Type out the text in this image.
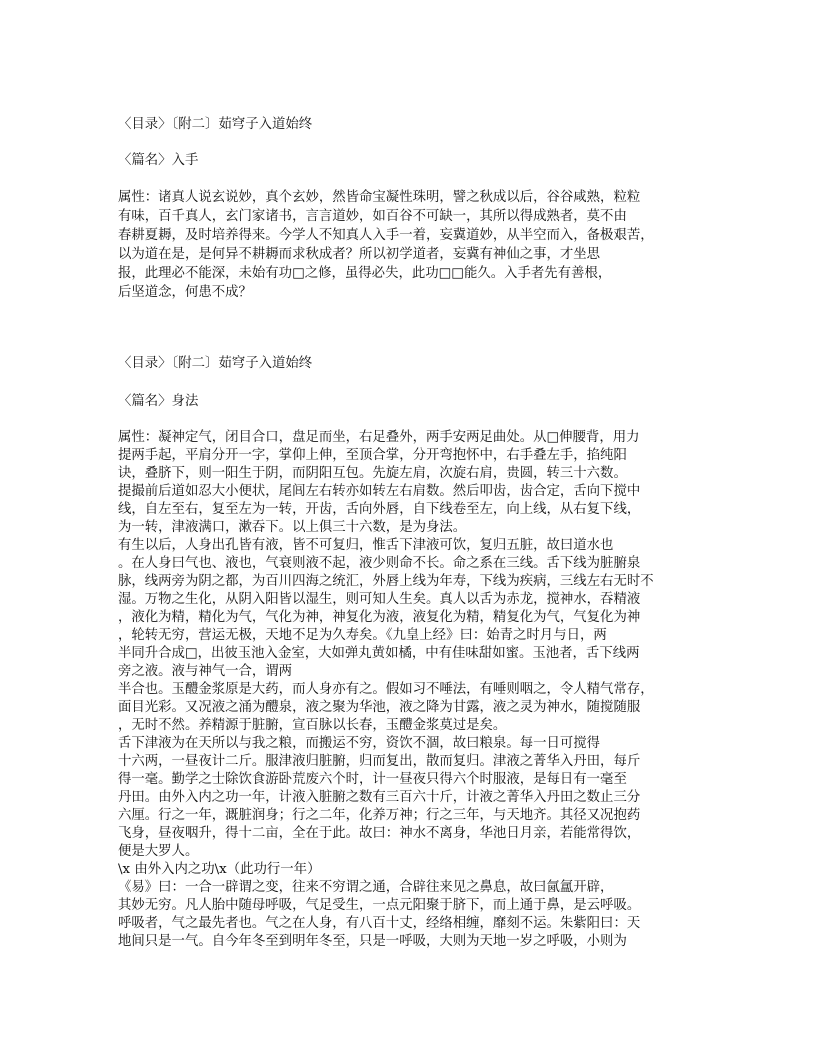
〈目录〉〔附二〕茹穹子入道始终
〈篇名〉入手
属性：诸真人说玄说妙，真个玄妙，然皆命宝凝性珠明，譬之秋成以后，谷谷咸熟，粒粒
有味，百千真人，玄门家诸书，言言道妙，如百谷不可缺一，其所以得成熟者，莫不由
春耕夏耨，及时培养得来。今学人不知真人入手一着，妄冀道妙，从半空而入，备极艰苦，
以为道在是，是何异不耕耨而求秋成者？所以初学道者，妄冀有神仙之事，才坐思
报，此理必不能深，未始有功□之修，虽得必失，此功□□能久。入手者先有善根，
后坚道念，何患不成？
〈目录〉〔附二〕茹穹子入道始终
〈篇名〉身法
属性：凝神定气，闭目合口，盘足而坐，右足叠外，两手安两足曲处。从□伸腰背，用力
提两手起，平肩分开一字，掌仰上伸，至顶合掌，分开弯抱怀中，右手叠左手，掐纯阳
诀，叠脐下，则一阳生于阴，而阴阳互包。先旋左肩，次旋右肩，贵圆，转三十六数。
提撮前后道如忍大小便状，尾闾左右转亦如转左右肩数。然后叩齿，齿合定，舌向下搅中
线，自左至右，复至左为一转，开齿，舌向外唇，自下线卷至左，向上线，从右复下线，
为一转，津液满口，漱吞下。以上俱三十六数，是为身法。
有生以后，人身出孔皆有液，皆不可复归，惟舌下津液可饮，复归五脏，故曰道水也
。在人身曰气也、液也，气衰则液不起，液少则命不长。命之系在三线。舌下线为脏腑泉
脉，线两旁为阴之都，为百川四海之统汇，外唇上线为年寿，下线为疾病，三线左右无时不
湿。万物之生化，从阴入阳皆以湿生，则可知人生矣。真人以舌为赤龙，搅神水，吞精液
，液化为精，精化为气，气化为神，神复化为液，液复化为精，精复化为气，气复化为神
，轮转无穷，营运无极，天地不足为久寿矣。《九皇上经》曰：始青之时月与日，两
半同升合成□，出彼玉池入金室，大如弹丸黄如橘，中有佳味甜如蜜。玉池者，舌下线两
旁之液。液与神气一合，谓两
半合也。玉醴金浆原是大药，而人身亦有之。假如习不唾法，有唾则咽之，令人精气常存，
面目光彩。又况液之涌为醴泉，液之聚为华池，液之降为甘露，液之灵为神水，随搅随服
，无时不然。养精源于脏腑，宣百脉以长春，玉醴金浆莫过是矣。
舌下津液为在天所以与我之粮，而搬运不穷，资饮不涸，故曰粮泉。每一日可搅得
十六两，一昼夜计二斤。服津液归脏腑，归而复出，散而复归。津液之菁华入丹田，每斤
得一毫。勤学之士除饮食游卧荒废六个时，计一昼夜只得六个时服液，是每日有一毫至
丹田。由外入内之功一年，计液入脏腑之数有三百六十斤，计液之菁华入丹田之数止三分
六厘。行之一年，溉脏润身；行之二年，化养万神；行之三年，与天地齐。其径又况抱药
飞身，昼夜咽升，得十二亩，全在于此。故曰：神水不离身，华池日月亲，若能常得饮，
便是大罗人。
\x 由外入内之功\x（此功行一年）
《易》曰：一合一辟谓之变，往来不穷谓之通，合辟往来见之鼻息，故曰氤氲开辟，
其妙无穷。凡人胎中随母呼吸，气足受生，一点元阳聚于脐下，而上通于鼻，是云呼吸。
呼吸者，气之最先者也。气之在人身，有八百十丈，经络相缠，靡刻不运。朱紫阳曰：天
地间只是一气。自今年冬至到明年冬至，只是一呼吸，大则为天地一岁之呼吸，小则为
